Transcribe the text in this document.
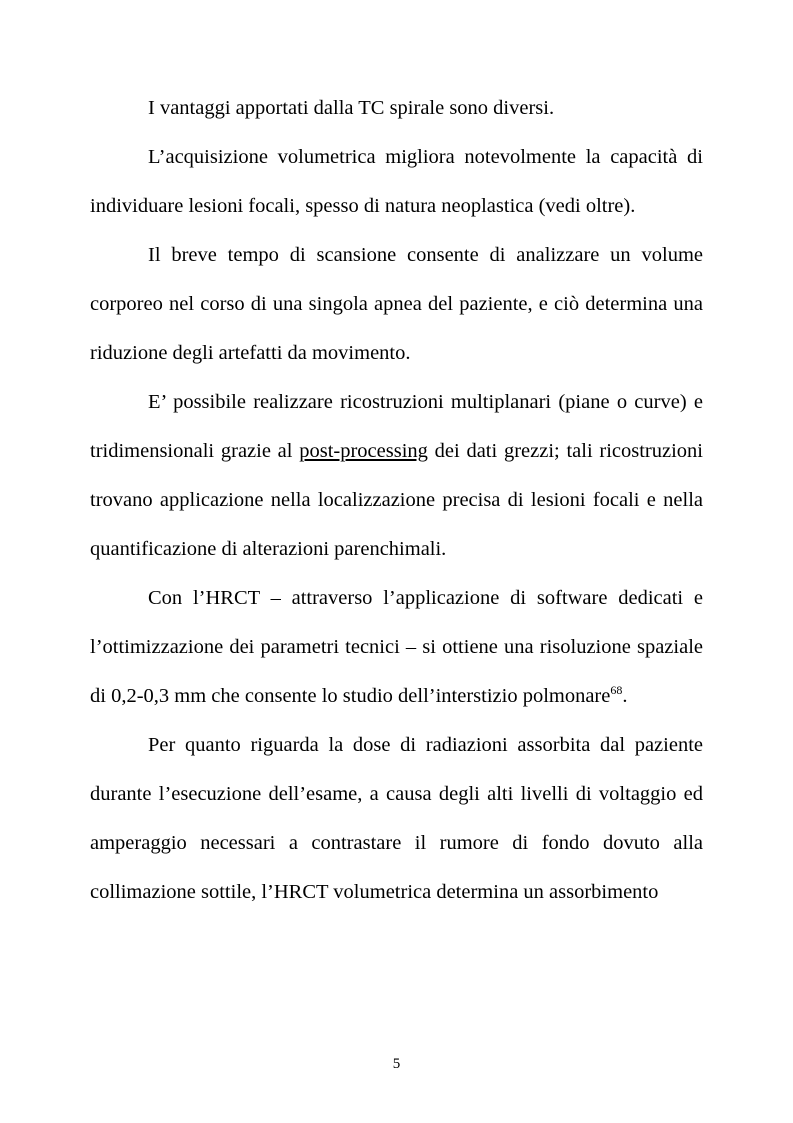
I vantaggi apportati dalla TC spirale sono diversi.

L’acquisizione volumetrica migliora notevolmente la capacità di individuare lesioni focali, spesso di natura neoplastica (vedi oltre).

Il breve tempo di scansione consente di analizzare un volume corporeo nel corso di una singola apnea del paziente, e ciò determina una riduzione degli artefatti da movimento.

E’ possibile realizzare ricostruzioni multiplanari (piane o curve) e tridimensionali grazie al post-processing dei dati grezzi; tali ricostruzioni trovano applicazione nella localizzazione precisa di lesioni focali e nella quantificazione di alterazioni parenchimali.

Con l’HRCT – attraverso l’applicazione di software dedicati e l’ottimizzazione dei parametri tecnici – si ottiene una risoluzione spaziale di 0,2-0,3 mm che consente lo studio dell’interstizio polmonare$^{68}$.

Per quanto riguarda la dose di radiazioni assorbita dal paziente durante l’esecuzione dell’esame, a causa degli alti livelli di voltaggio ed amperaggio necessari a contrastare il rumore di fondo dovuto alla collimazione sottile, l’HRCT volumetrica determina un assorbimento

5
